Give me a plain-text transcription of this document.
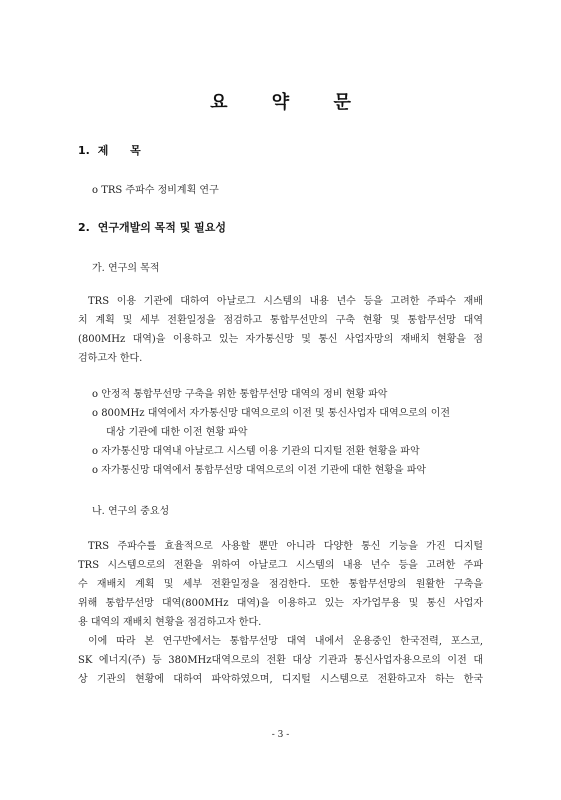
요 약 문
1. 제 목
o TRS 주파수 정비계획 연구
2. 연구개발의 목적 및 필요성
가. 연구의 목적
TRS 이용 기관에 대하여 아날로그 시스템의 내용 년수 등을 고려한 주파수 재배
치 계획 및 세부 전환일정을 점검하고 통합무선만의 구축 현황 및 통합무선망 대역
(800MHz 대역)을 이용하고 있는 자가통신망 및 통신 사업자망의 재배치 현황을 점
검하고자 한다.
o 안정적 통합무선망 구축을 위한 통합무선망 대역의 정비 현황 파악
o 800MHz 대역에서 자가통신망 대역으로의 이전 및 통신사업자 대역으로의 이전
대상 기관에 대한 이전 현황 파악
o 자가통신망 대역내 아날로그 시스템 이용 기관의 디지털 전환 현황을 파악
o 자가통신망 대역에서 통합무선망 대역으로의 이전 기관에 대한 현황을 파악
나. 연구의 중요성
TRS 주파수를 효율적으로 사용할 뿐만 아니라 다양한 통신 기능을 가진 디지털
TRS 시스템으로의 전환을 위하여 아날로그 시스템의 내용 년수 등을 고려한 주파
수 재배치 계획 및 세부 전환일정을 점검한다. 또한 통합무선망의 원활한 구축을
위해 통합무선망 대역(800MHz 대역)을 이용하고 있는 자가업무용 및 통신 사업자
용 대역의 재배치 현황을 점검하고자 한다.
이에 따라 본 연구반에서는 통합무선망 대역 내에서 운용중인 한국전력, 포스코,
SK 에너지(주) 등 380MHz대역으로의 전환 대상 기관과 통신사업자용으로의 이전 대
상 기관의 현황에 대하여 파악하였으며, 디지털 시스템으로 전환하고자 하는 한국
- 3 -
